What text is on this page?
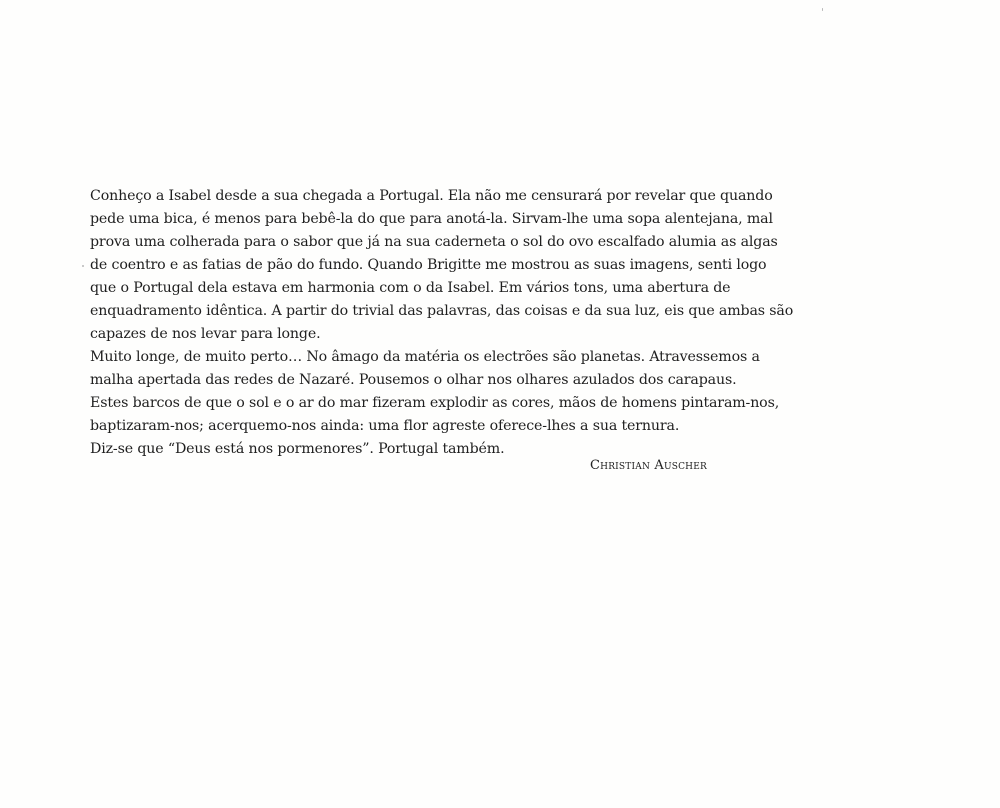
Conheço a Isabel desde a sua chegada a Portugal. Ela não me censurará por revelar que quando
pede uma bica, é menos para bebê-la do que para anotá-la. Sirvam-lhe uma sopa alentejana, mal
prova uma colherada para o sabor que já na sua caderneta o sol do ovo escalfado alumia as algas
de coentro e as fatias de pão do fundo. Quando Brigitte me mostrou as suas imagens, senti logo
que o Portugal dela estava em harmonia com o da Isabel. Em vários tons, uma abertura de
enquadramento idêntica. A partir do trivial das palavras, das coisas e da sua luz, eis que ambas são
capazes de nos levar para longe.
Muito longe, de muito perto… No âmago da matéria os electrões são planetas. Atravessemos a
malha apertada das redes de Nazaré. Pousemos o olhar nos olhares azulados dos carapaus.
Estes barcos de que o sol e o ar do mar fizeram explodir as cores, mãos de homens pintaram-nos,
baptizaram-nos; acerquemo-nos ainda: uma flor agreste oferece-lhes a sua ternura.
Diz-se que “Deus está nos pormenores”. Portugal também.
Christian Auscher
